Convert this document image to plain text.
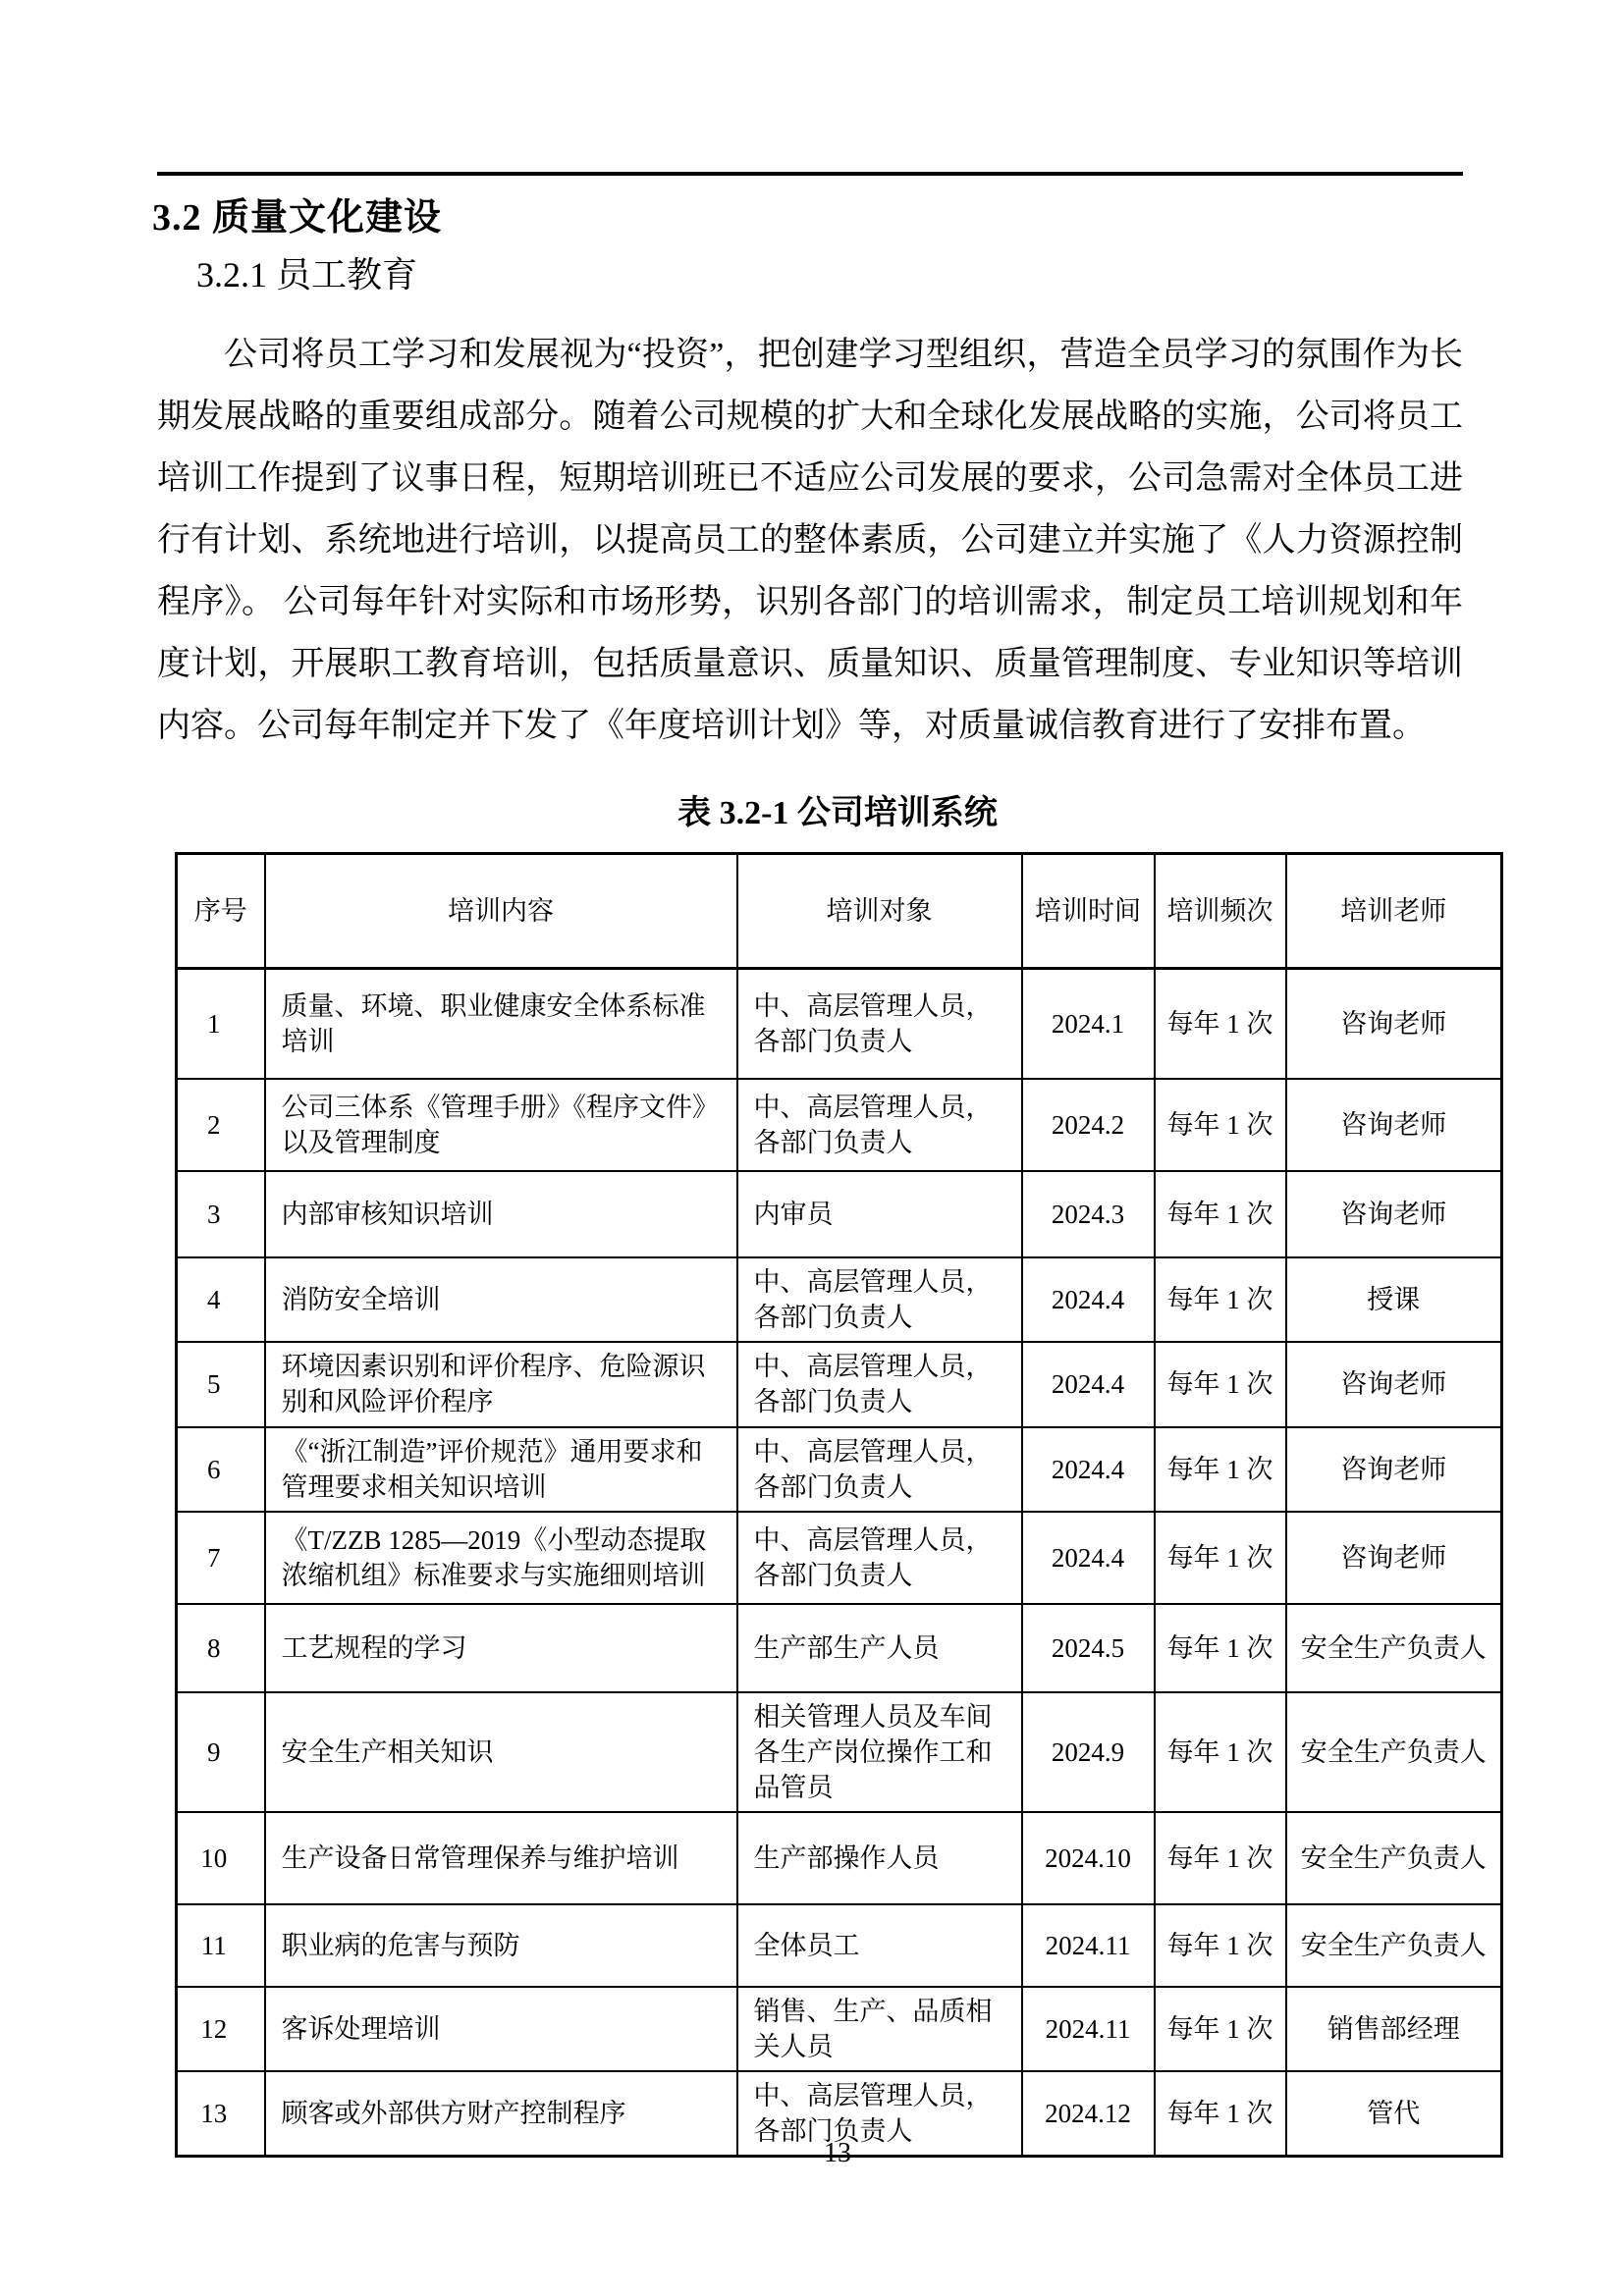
3.2 质量文化建设
3.2.1 员工教育

公司将员工学习和发展视为“投资”，把创建学习型组织，营造全员学习的氛围作为长期发展战略的重要组成部分。随着公司规模的扩大和全球化发展战略的实施，公司将员工培训工作提到了议事日程，短期培训班已不适应公司发展的要求，公司急需对全体员工进行有计划、系统地进行培训，以提高员工的整体素质，公司建立并实施了《人力资源控制程序》。 公司每年针对实际和市场形势，识别各部门的培训需求，制定员工培训规划和年度计划，开展职工教育培训，包括质量意识、质量知识、质量管理制度、专业知识等培训内容。公司每年制定并下发了《年度培训计划》等，对质量诚信教育进行了安排布置。

表 3.2-1 公司培训系统
序号	培训内容	培训对象	培训时间	培训频次	培训老师
1	质量、环境、职业健康安全体系标准培训	中、高层管理人员，各部门负责人	2024.1	每年 1 次	咨询老师
2	公司三体系《管理手册》《程序文件》以及管理制度	中、高层管理人员，各部门负责人	2024.2	每年 1 次	咨询老师
3	内部审核知识培训	内审员	2024.3	每年 1 次	咨询老师
4	消防安全培训	中、高层管理人员，各部门负责人	2024.4	每年 1 次	授课
5	环境因素识别和评价程序、危险源识别和风险评价程序	中、高层管理人员，各部门负责人	2024.4	每年 1 次	咨询老师
6	《“浙江制造”评价规范》通用要求和管理要求相关知识培训	中、高层管理人员，各部门负责人	2024.4	每年 1 次	咨询老师
7	《T/ZZB 1285—2019《小型动态提取浓缩机组》标准要求与实施细则培训	中、高层管理人员，各部门负责人	2024.4	每年 1 次	咨询老师
8	工艺规程的学习	生产部生产人员	2024.5	每年 1 次	安全生产负责人
9	安全生产相关知识	相关管理人员及车间各生产岗位操作工和品管员	2024.9	每年 1 次	安全生产负责人
10	生产设备日常管理保养与维护培训	生产部操作人员	2024.10	每年 1 次	安全生产负责人
11	职业病的危害与预防	全体员工	2024.11	每年 1 次	安全生产负责人
12	客诉处理培训	销售、生产、品质相关人员	2024.11	每年 1 次	销售部经理
13	顾客或外部供方财产控制程序	中、高层管理人员，各部门负责人	2024.12	每年 1 次	管代
13
